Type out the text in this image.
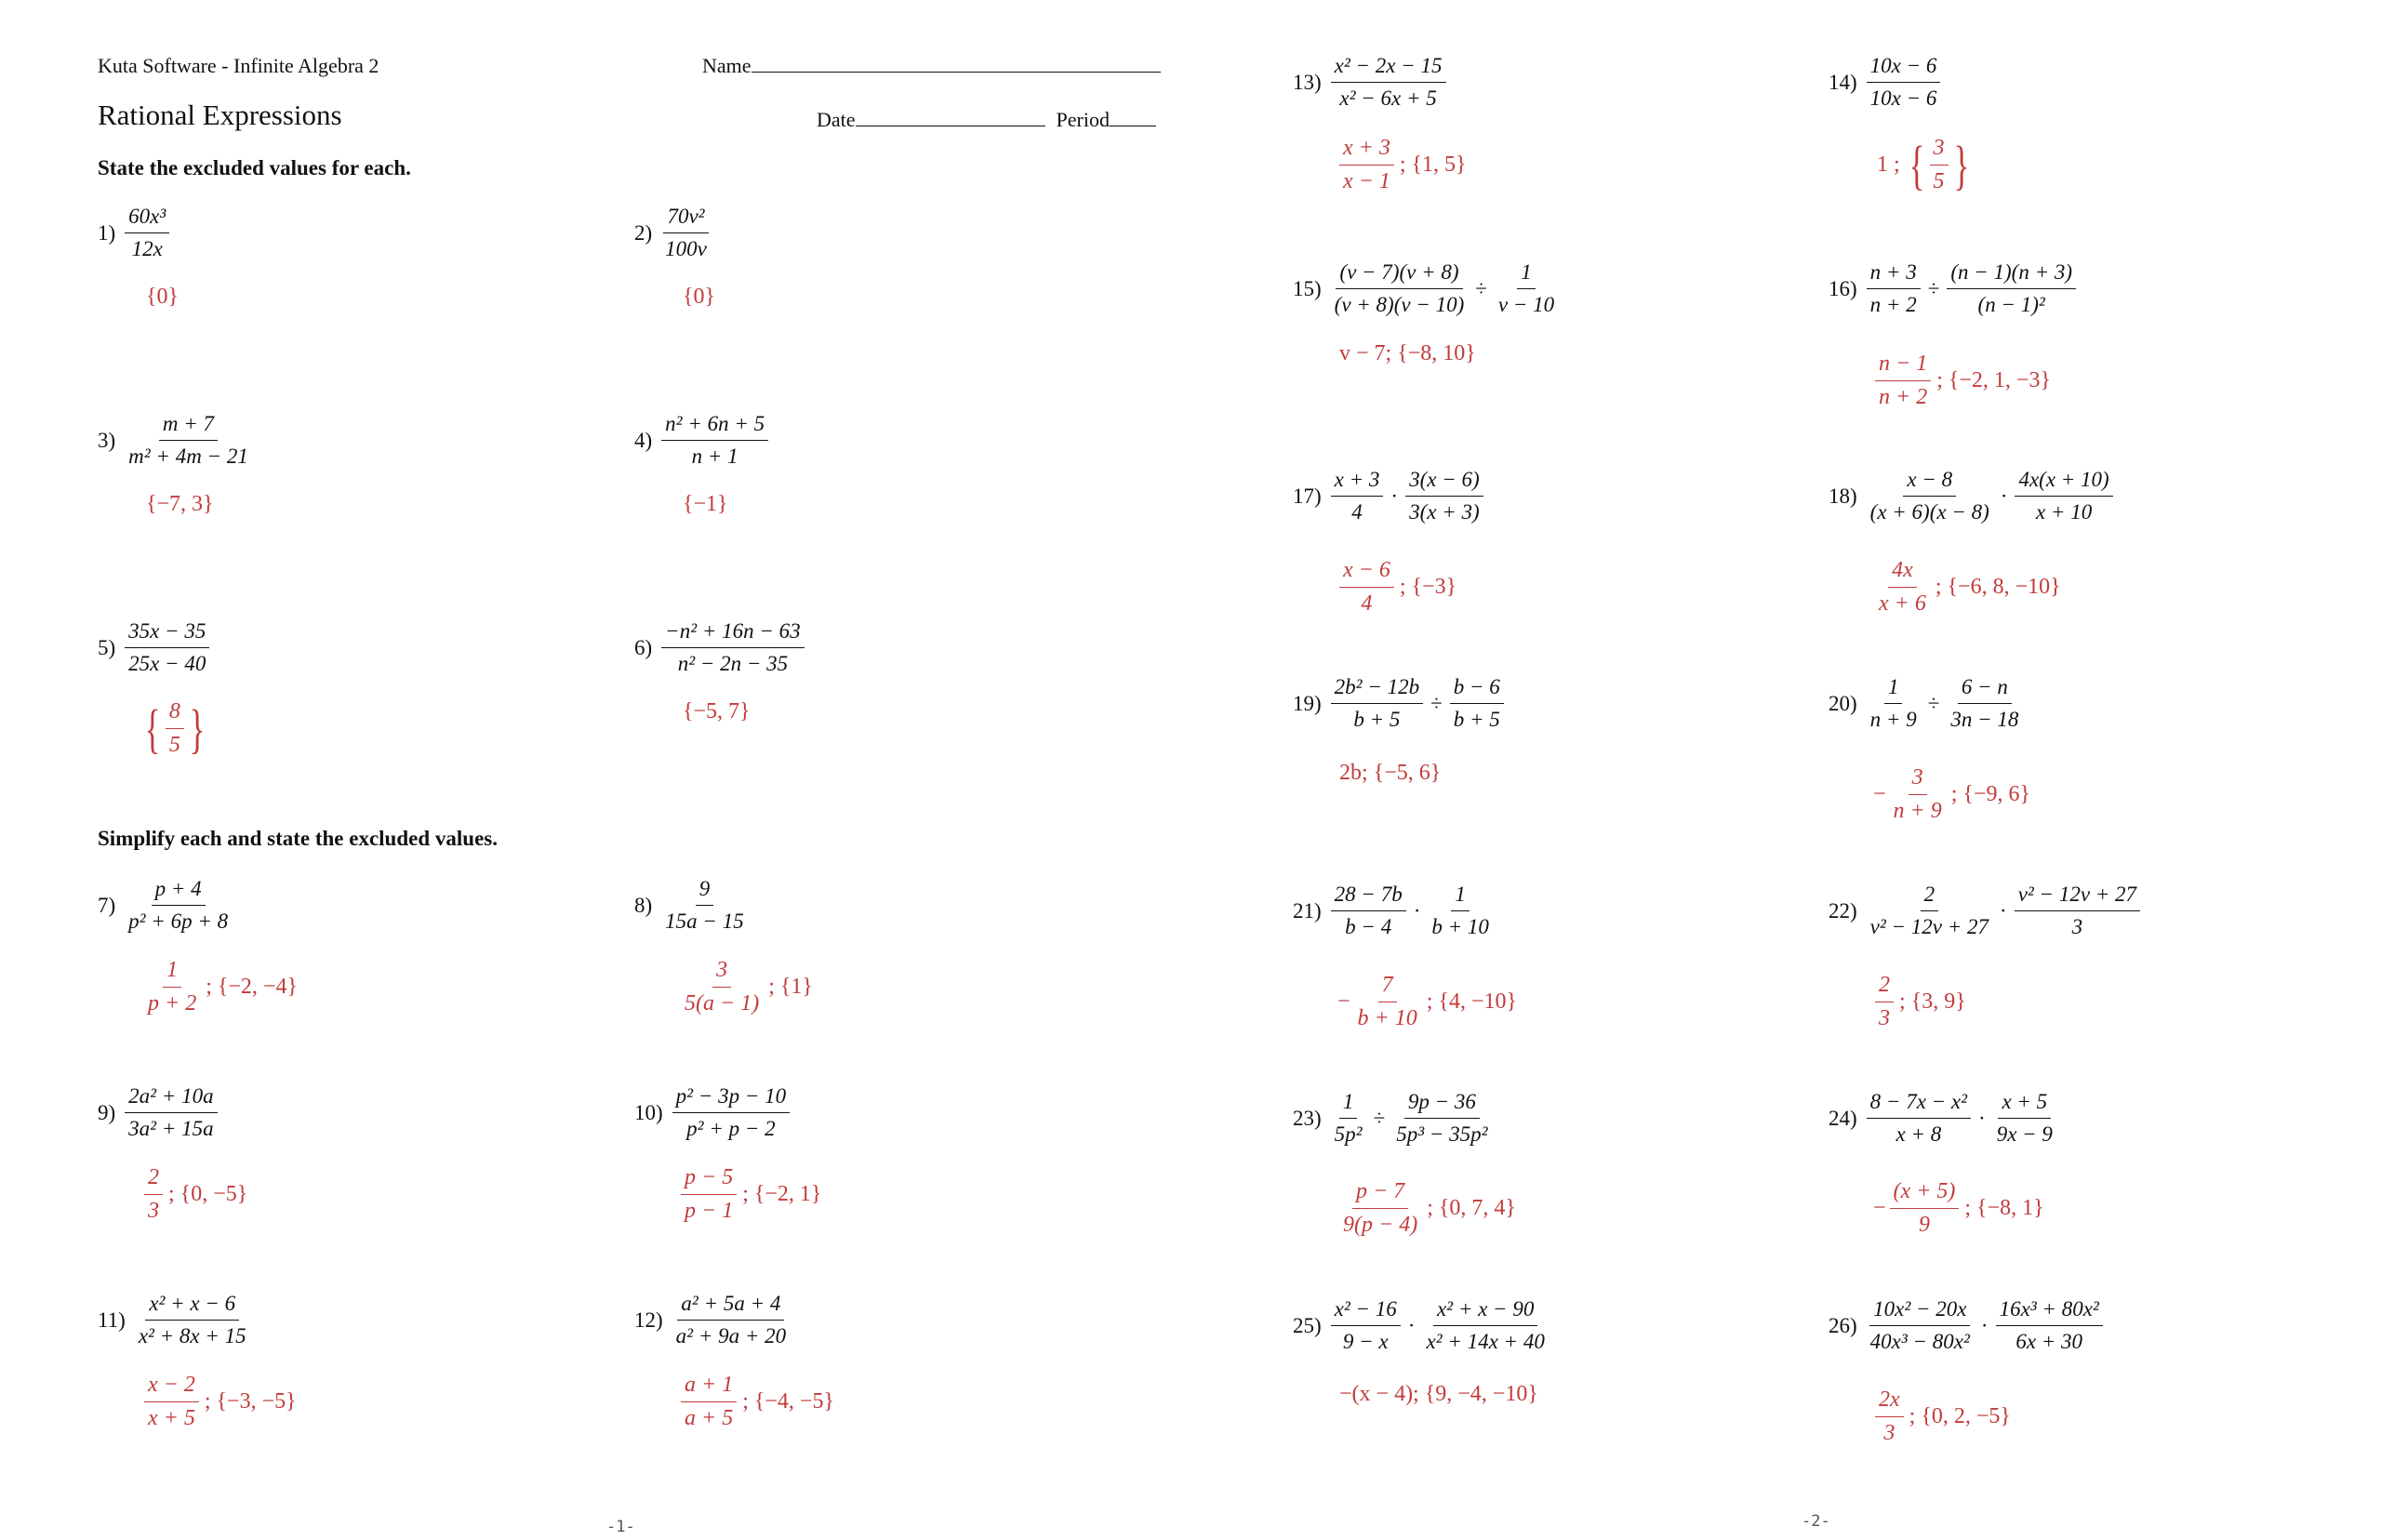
Kuta Software - Infinite Algebra 2	Name
Rational Expressions	Date	Period
State the excluded values for each.
Simplify each and state the excluded values.
$1) \frac{\text{60x³}}{12x}$
{0}
$2) \frac{\text{70v²}}{100v}$
{0}
$3) \frac{m + 7}{\text{m² + 4m − 21}}$
{−7, 3}
$4) \frac{\text{n² + 6n + 5}}{n + 1}$
{−1}
$5) \frac{35x - 35}{25x - 40}$
{ $\frac{8}{5}$ }
$6) \frac{\text{−n² + 16n − 63}}{\text{n² − 2n − 35}}$
{−5, 7}
$7) \frac{p + 4}{\text{p² + 6p + 8}}$
$\frac{1}{p + 2}$ ; {−2, −4}
$8) \frac{9}{15a - 15}$
$\frac{3}{5(a - 1)}$ ; {1}
$9) \frac{\text{2a² + 10a}}{\text{3a² + 15a}}$
$\frac{2}{3}$ ; {0, −5}
$10) \frac{\text{p² − 3p − 10}}{\text{p² + p − 2}}$
$\frac{p - 5}{p - 1}$ ; {−2, 1}
$11) \frac{\text{x² + x − 6}}{\text{x² + 8x + 15}}$
$\frac{x - 2}{x + 5}$ ; {−3, −5}
$12) \frac{\text{a² + 5a + 4}}{\text{a² + 9a + 20}}$
$\frac{a + 1}{a + 5}$ ; {−4, −5}
$13) \frac{\text{x² − 2x − 15}}{\text{x² − 6x + 5}}$
$\frac{x + 3}{x - 1}$ ; {1, 5}
$14) \frac{10x - 6}{10x - 6}$
1 ; { $\frac{3}{5}$ }
$15) \frac{(v - 7)(v + 8)}{(v + 8)(v - 10)} \div \frac{1}{v - 10}$
v − 7; {−8, 10}
$16) \frac{n + 3}{n + 2} \div \frac{(n - 1)(n + 3)}{\text{(n − 1)²}}$
$\frac{n - 1}{n + 2}$ ; {−2, 1, −3}
$17) \frac{x + 3}{4} \cdot \frac{3(x - 6)}{3(x + 3)}$
$\frac{x - 6}{4}$ ; {−3}
$18) \frac{x - 8}{(x + 6)(x - 8)} \cdot \frac{4x(x + 10)}{x + 10}$
$\frac{4x}{x + 6}$ ; {−6, 8, −10}
$19) \frac{\text{2b² − 12b}}{b + 5} \div \frac{b - 6}{b + 5}$
2b; {−5, 6}
$20) \frac{1}{n + 9} \div \frac{6 - n}{3n - 18}$
− $\frac{3}{n + 9}$ ; {−9, 6}
$21) \frac{28 - 7b}{b - 4} \cdot \frac{1}{b + 10}$
− $\frac{7}{b + 10}$ ; {4, −10}
$22) \frac{2}{\text{v² − 12v + 27}} \cdot \frac{\text{v² − 12v + 27}}{3}$
$\frac{2}{3}$ ; {3, 9}
$23) \frac{1}{\text{5p²}} \div \frac{9p - 36}{\text{5p³ − 35p²}}$
$\frac{p - 7}{9(p - 4)}$ ; {0, 7, 4}
$24) \frac{\text{8 − 7x − x²}}{x + 8} \cdot \frac{x + 5}{9x - 9}$
− $\frac{(x + 5)}{9}$ ; {−8, 1}
$25) \frac{\text{x² − 16}}{9 - x} \cdot \frac{\text{x² + x − 90}}{\text{x² + 14x + 40}}$
−(x − 4); {9, −4, −10}
$26) \frac{\text{10x² − 20x}}{\text{40x³ − 80x²}} \cdot \frac{\text{16x³ + 80x²}}{6x + 30}$
$\frac{2x}{3}$ ; {0, 2, −5}
-1-	-2-
